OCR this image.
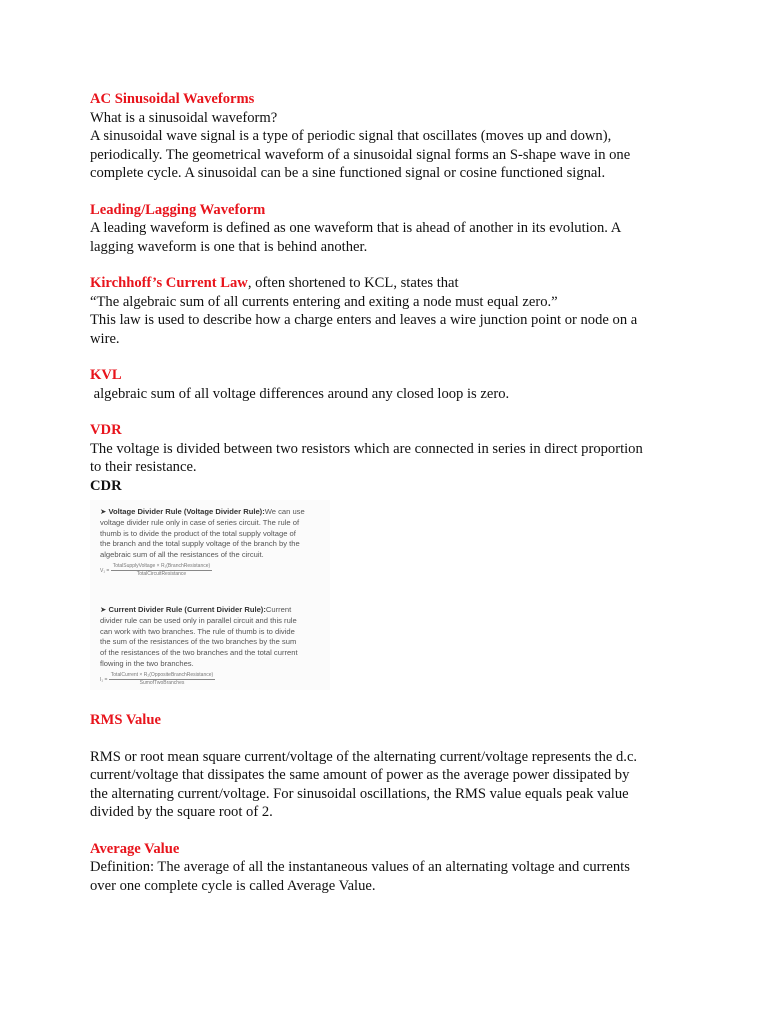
AC Sinusoidal Waveforms
What is a sinusoidal waveform?
A sinusoidal wave signal is a type of periodic signal that oscillates (moves up and down),
periodically. The geometrical waveform of a sinusoidal signal forms an S-shape wave in one
complete cycle. A sinusoidal can be a sine functioned signal or cosine functioned signal.
Leading/Lagging Waveform
A leading waveform is defined as one waveform that is ahead of another in its evolution. A
lagging waveform is one that is behind another.
Kirchhoff’s Current Law, often shortened to KCL, states that
“The algebraic sum of all currents entering and exiting a node must equal zero.”
This law is used to describe how a charge enters and leaves a wire junction point or node on a
wire.
KVL
algebraic sum of all voltage differences around any closed loop is zero.
VDR
The voltage is divided between two resistors which are connected in series in direct proportion
to their resistance.
CDR
➤ Voltage Divider Rule (Voltage Divider Rule):We can use
voltage divider rule only in case of series circuit. The rule of
thumb is to divide the product of the total supply voltage of
the branch and the total supply voltage of the branch by the
algebraic sum of all the resistances of the circuit.
$V_1 = \frac{\text{TotalSupplyVoltage × R₁(BranchResistance)}}{\text{TotalCircuitResistance}}$
➤ Current Divider Rule (Current Divider Rule):Current
divider rule can be used only in parallel circuit and this rule
can work with two branches. The rule of thumb is to divide
the sum of the resistances of the two branches by the sum
of the resistances of the two branches and the total current
flowing in the two branches.
$I_1 = \frac{\text{TotalCurrent × R₂(OppositeBranchResistance)}}{\text{SumofTwoBranches}}$
RMS Value
RMS or root mean square current/voltage of the alternating current/voltage represents the d.c.
current/voltage that dissipates the same amount of power as the average power dissipated by
the alternating current/voltage. For sinusoidal oscillations, the RMS value equals peak value
divided by the square root of 2.
Average Value
Definition: The average of all the instantaneous values of an alternating voltage and currents
over one complete cycle is called Average Value.
